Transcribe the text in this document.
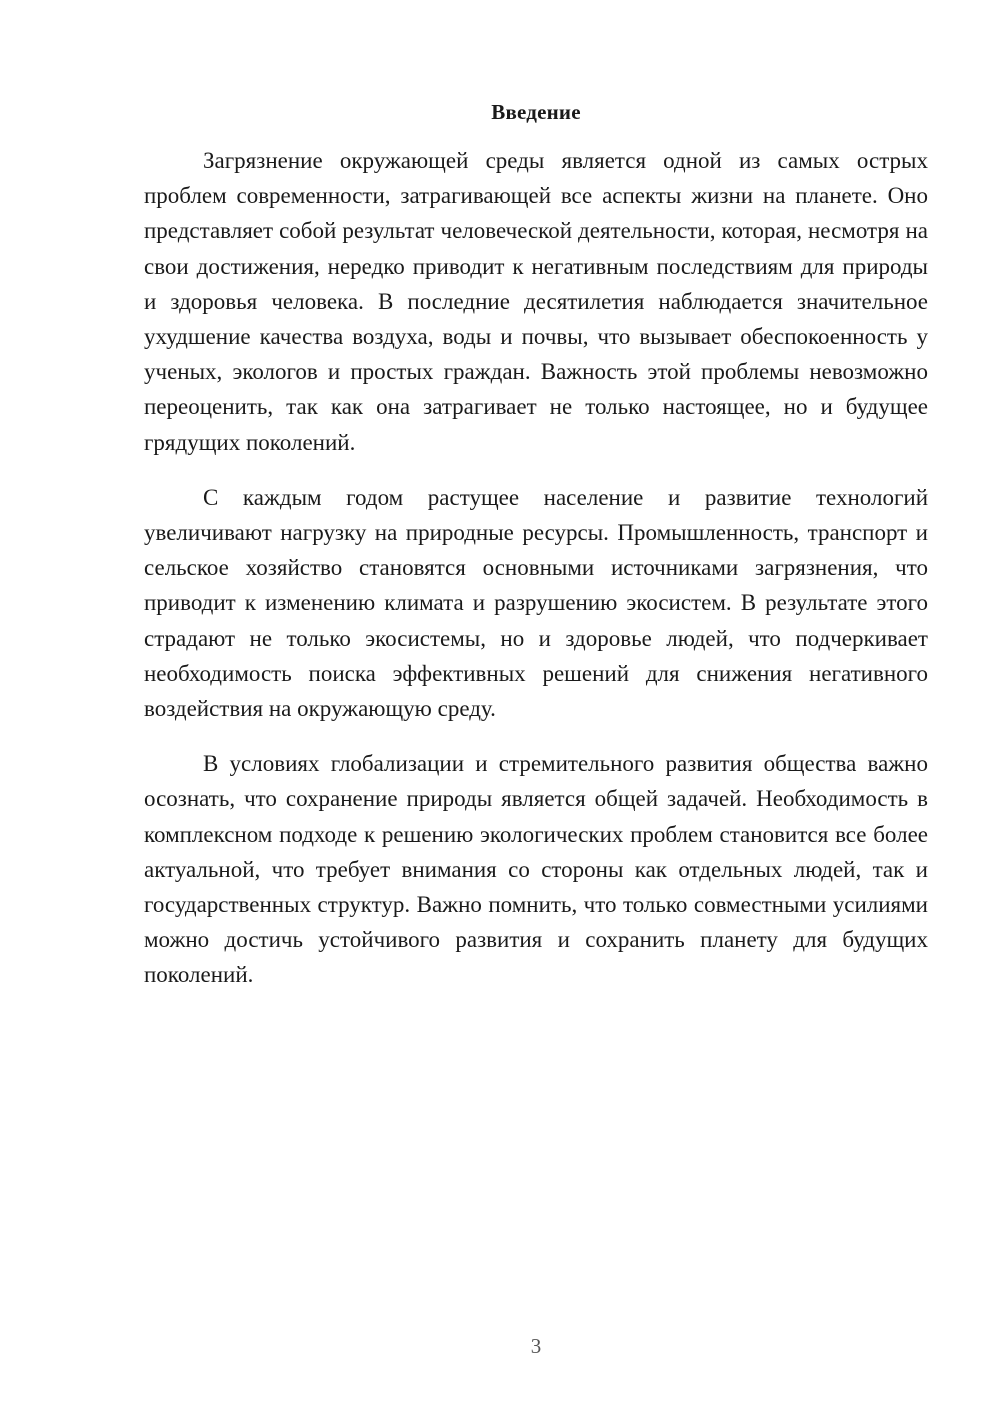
Введение

Загрязнение окружающей среды является одной из самых острых проблем современности, затрагивающей все аспекты жизни на планете. Оно представляет собой результат человеческой деятельности, которая, несмотря на свои достижения, нередко приводит к негативным последствиям для природы и здоровья человека. В последние десятилетия наблюдается значительное ухудшение качества воздуха, воды и почвы, что вызывает обеспокоенность у ученых, экологов и простых граждан. Важность этой проблемы невозможно переоценить, так как она затрагивает не только настоящее, но и будущее грядущих поколений.

С каждым годом растущее население и развитие технологий увеличивают нагрузку на природные ресурсы. Промышленность, транспорт и сельское хозяйство становятся основными источниками загрязнения, что приводит к изменению климата и разрушению экосистем. В результате этого страдают не только экосистемы, но и здоровье людей, что подчеркивает необходимость поиска эффективных решений для снижения негативного воздействия на окружающую среду.

В условиях глобализации и стремительного развития общества важно осознать, что сохранение природы является общей задачей. Необходимость в комплексном подходе к решению экологических проблем становится все более актуальной, что требует внимания со стороны как отдельных людей, так и государственных структур. Важно помнить, что только совместными усилиями можно достичь устойчивого развития и сохранить планету для будущих поколений.

3
